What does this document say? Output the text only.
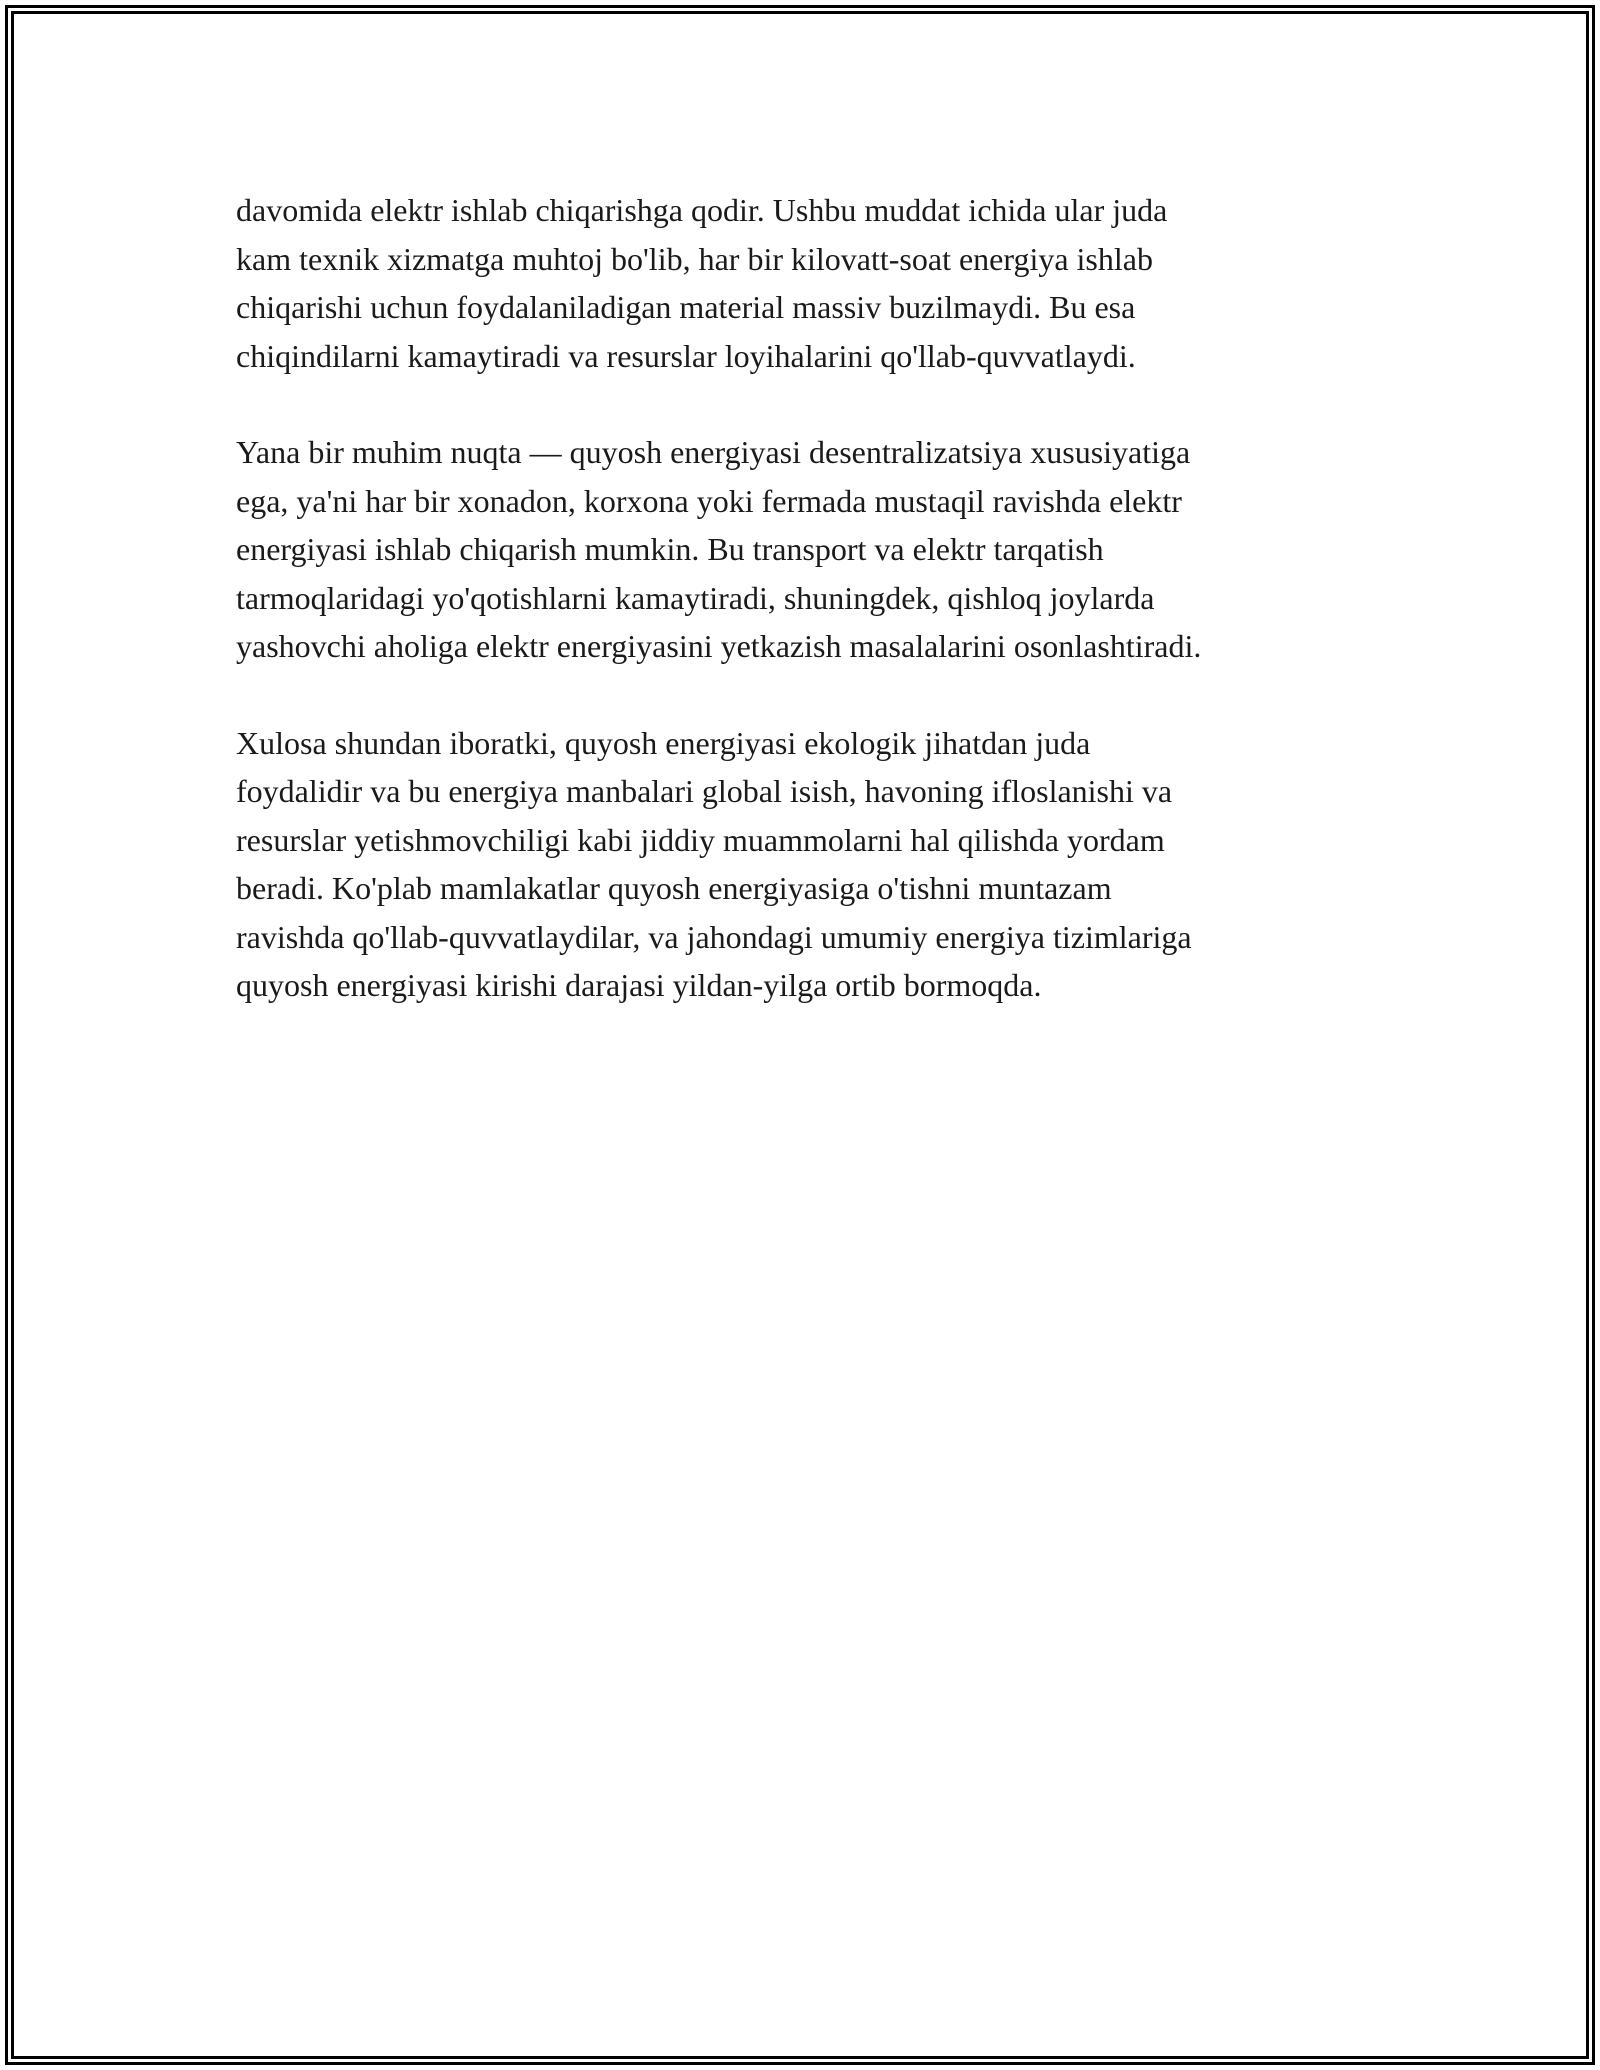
davomida elektr ishlab chiqarishga qodir. Ushbu muddat ichida ular juda
kam texnik xizmatga muhtoj bo'lib, har bir kilovatt-soat energiya ishlab
chiqarishi uchun foydalaniladigan material massiv buzilmaydi. Bu esa
chiqindilarni kamaytiradi va resurslar loyihalarini qo'llab-quvvatlaydi.

Yana bir muhim nuqta — quyosh energiyasi desentralizatsiya xususiyatiga
ega, ya'ni har bir xonadon, korxona yoki fermada mustaqil ravishda elektr
energiyasi ishlab chiqarish mumkin. Bu transport va elektr tarqatish
tarmoqlaridagi yo'qotishlarni kamaytiradi, shuningdek, qishloq joylarda
yashovchi aholiga elektr energiyasini yetkazish masalalarini osonlashtiradi.

Xulosa shundan iboratki, quyosh energiyasi ekologik jihatdan juda
foydalidir va bu energiya manbalari global isish, havoning ifloslanishi va
resurslar yetishmovchiligi kabi jiddiy muammolarni hal qilishda yordam
beradi. Ko'plab mamlakatlar quyosh energiyasiga o'tishni muntazam
ravishda qo'llab-quvvatlaydilar, va jahondagi umumiy energiya tizimlariga
quyosh energiyasi kirishi darajasi yildan-yilga ortib bormoqda.
